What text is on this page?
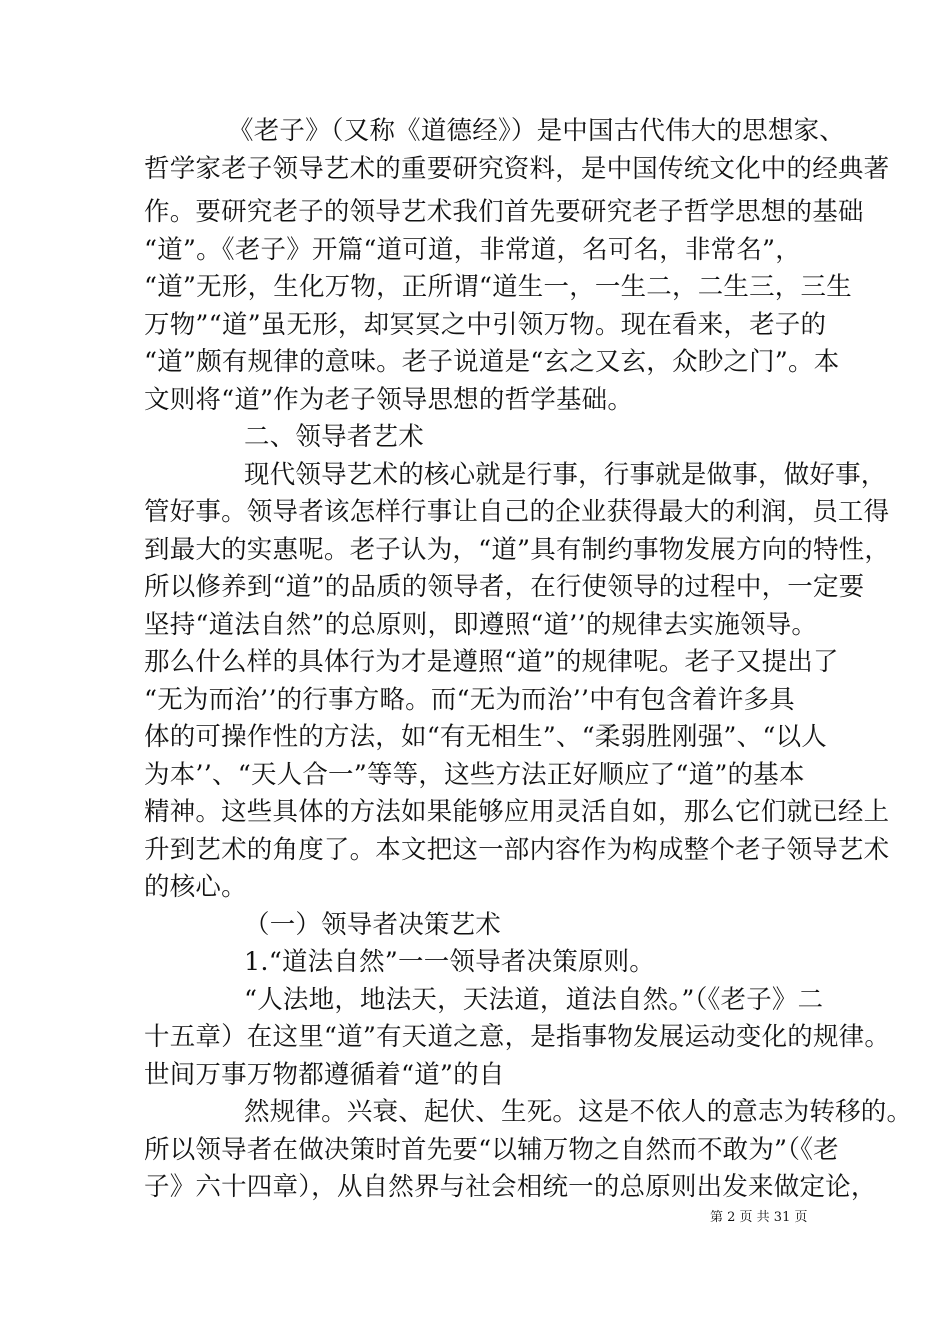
《老子》（又称《道德经》）是中国古代伟大的思想家、
哲学家老子领导艺术的重要研究资料，是中国传统文化中的经典著
作。要研究老子的领导艺术我们首先要研究老子哲学思想的基础
“道”。《老子》开篇“道可道，非常道，名可名，非常名”，
“道”无形，生化万物，正所谓“道生一，一生二，二生三，三生
万物”“道”虽无形，却冥冥之中引领万物。现在看来，老子的
“道”颇有规律的意味。老子说道是“玄之又玄，众眇之门”。本
文则将“道”作为老子领导思想的哲学基础。
二、领导者艺术
现代领导艺术的核心就是行事，行事就是做事，做好事，
管好事。领导者该怎样行事让自己的企业获得最大的利润，员工得
到最大的实惠呢。老子认为，“道”具有制约事物发展方向的特性，
所以修养到“道”的品质的领导者，在行使领导的过程中，一定要
坚持“道法自然”的总原则，即遵照“道’’的规律去实施领导。
那么什么样的具体行为才是遵照“道”的规律呢。老子又提出了
“无为而治’’的行事方略。而“无为而治’’中有包含着许多具
体的可操作性的方法，如“有无相生”、“柔弱胜刚强”、“以人
为本’’、“天人合一”等等，这些方法正好顺应了“道”的基本
精神。这些具体的方法如果能够应用灵活自如，那么它们就已经上
升到艺术的角度了。本文把这一部内容作为构成整个老子领导艺术
的核心。
（一）领导者决策艺术
1.“道法自然”一一领导者决策原则。
“人法地，地法天，天法道，道法自然。”（《老子》二
十五章）在这里“道”有天道之意，是指事物发展运动变化的规律。
世间万事万物都遵循着“道”的自
然规律。兴衰、起伏、生死。这是不依人的意志为转移的。
所以领导者在做决策时首先要“以辅万物之自然而不敢为”（《老
子》六十四章），从自然界与社会相统一的总原则出发来做定论，
第 2 页 共 31 页
